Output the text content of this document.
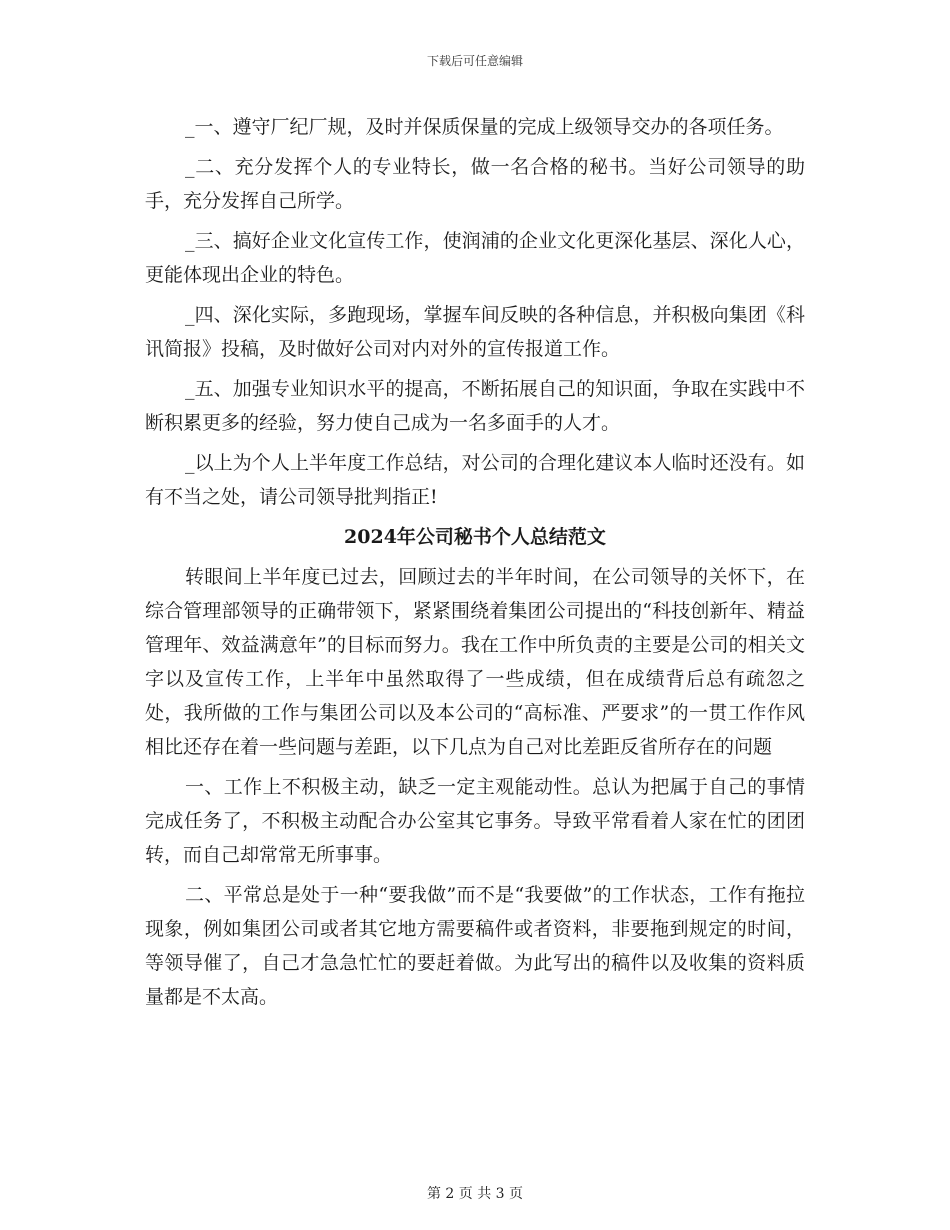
下载后可任意编辑

_一、遵守厂纪厂规，及时并保质保量的完成上级领导交办的各项任务。

_二、充分发挥个人的专业特长，做一名合格的秘书。当好公司领导的助手，充分发挥自己所学。

_三、搞好企业文化宣传工作，使润浦的企业文化更深化基层、深化人心，更能体现出企业的特色。

_四、深化实际，多跑现场，掌握车间反映的各种信息，并积极向集团《科讯简报》投稿，及时做好公司对内对外的宣传报道工作。

_五、加强专业知识水平的提高，不断拓展自己的知识面，争取在实践中不断积累更多的经验，努力使自己成为一名多面手的人才。

_以上为个人上半年度工作总结，对公司的合理化建议本人临时还没有。如有不当之处，请公司领导批判指正!

2024年公司秘书个人总结范文

转眼间上半年度已过去，回顾过去的半年时间，在公司领导的关怀下，在综合管理部领导的正确带领下，紧紧围绕着集团公司提出的“科技创新年、精益管理年、效益满意年”的目标而努力。我在工作中所负责的主要是公司的相关文字以及宣传工作，上半年中虽然取得了一些成绩，但在成绩背后总有疏忽之处，我所做的工作与集团公司以及本公司的“高标准、严要求”的一贯工作作风相比还存在着一些问题与差距，以下几点为自己对比差距反省所存在的问题

一、工作上不积极主动，缺乏一定主观能动性。总认为把属于自己的事情完成任务了，不积极主动配合办公室其它事务。导致平常看着人家在忙的团团转，而自己却常常无所事事。

二、平常总是处于一种“要我做”而不是“我要做”的工作状态，工作有拖拉现象，例如集团公司或者其它地方需要稿件或者资料，非要拖到规定的时间，等领导催了，自己才急急忙忙的要赶着做。为此写出的稿件以及收集的资料质量都是不太高。

第 2 页 共 3 页
